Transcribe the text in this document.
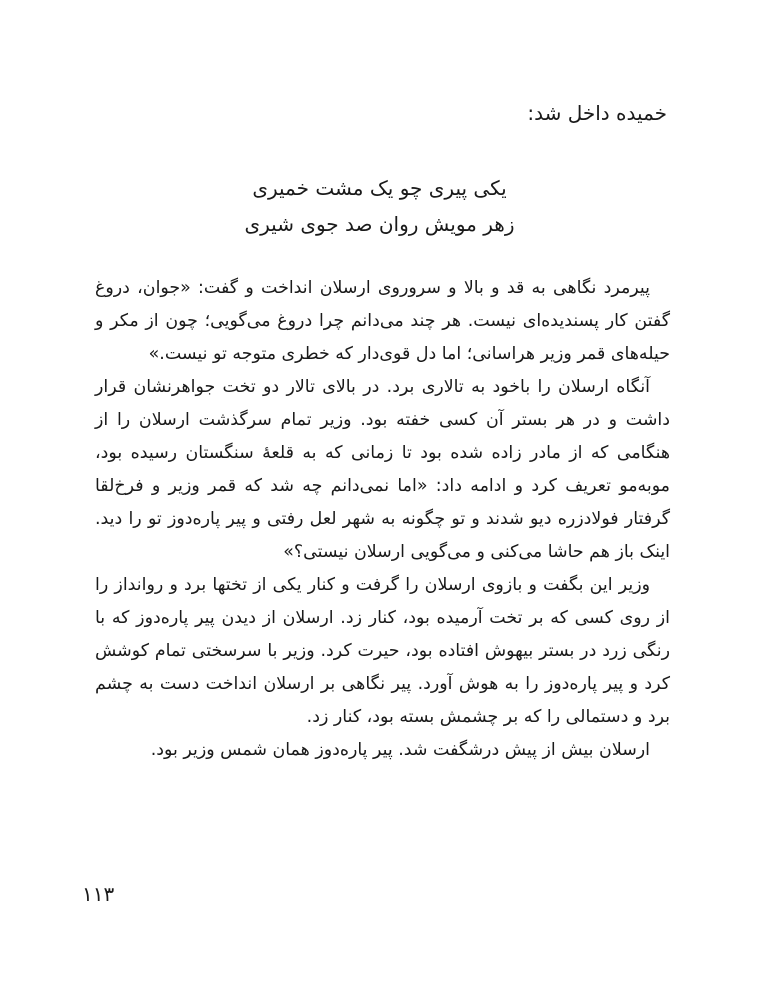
خمیده داخل شد:

یکی پیری چو یک مشت خمیری
زهر مویش روان صد جوی شیری

پیرمرد نگاهی به قد و بالا و سروروی ارسلان انداخت و گفت: «جوان، دروغ گفتن کار پسندیده‌ای نیست. هر چند می‌دانم چرا دروغ می‌گویی؛ چون از مکر و حیله‌های قمر وزیر هراسانی؛ اما دل قوی‌دار که خطری متوجه تو نیست.»

آنگاه ارسلان را باخود به تالاری برد. در بالای تالار دو تخت جواهرنشان قرار داشت و در هر بستر آن کسی خفته بود. وزیر تمام سرگذشت ارسلان را از هنگامی که از مادر زاده شده بود تا زمانی که به قلعهٔ سنگستان رسیده بود، موبه‌مو تعریف کرد و ادامه داد: «اما نمی‌دانم چه شد که قمر وزیر و فرخ‌لقا گرفتار فولادزره دیو شدند و تو چگونه به شهر لعل رفتی و پیر پاره‌دوز تو را دید. اینک باز هم حاشا می‌کنی و می‌گویی ارسلان نیستی؟»

وزیر این بگفت و بازوی ارسلان را گرفت و کنار یکی از تختها برد و روانداز را از روی کسی که بر تخت آرمیده بود، کنار زد. ارسلان از دیدن پیر پاره‌دوز که با رنگی زرد در بستر بیهوش افتاده بود، حیرت کرد. وزیر با سرسختی تمام کوشش کرد و پیر پاره‌دوز را به هوش آورد. پیر نگاهی بر ارسلان انداخت دست به چشم برد و دستمالی را که بر چشمش بسته بود، کنار زد.

ارسلان بیش از پیش درشگفت شد. پیر پاره‌دوز همان شمس وزیر بود.

۱۱۳
